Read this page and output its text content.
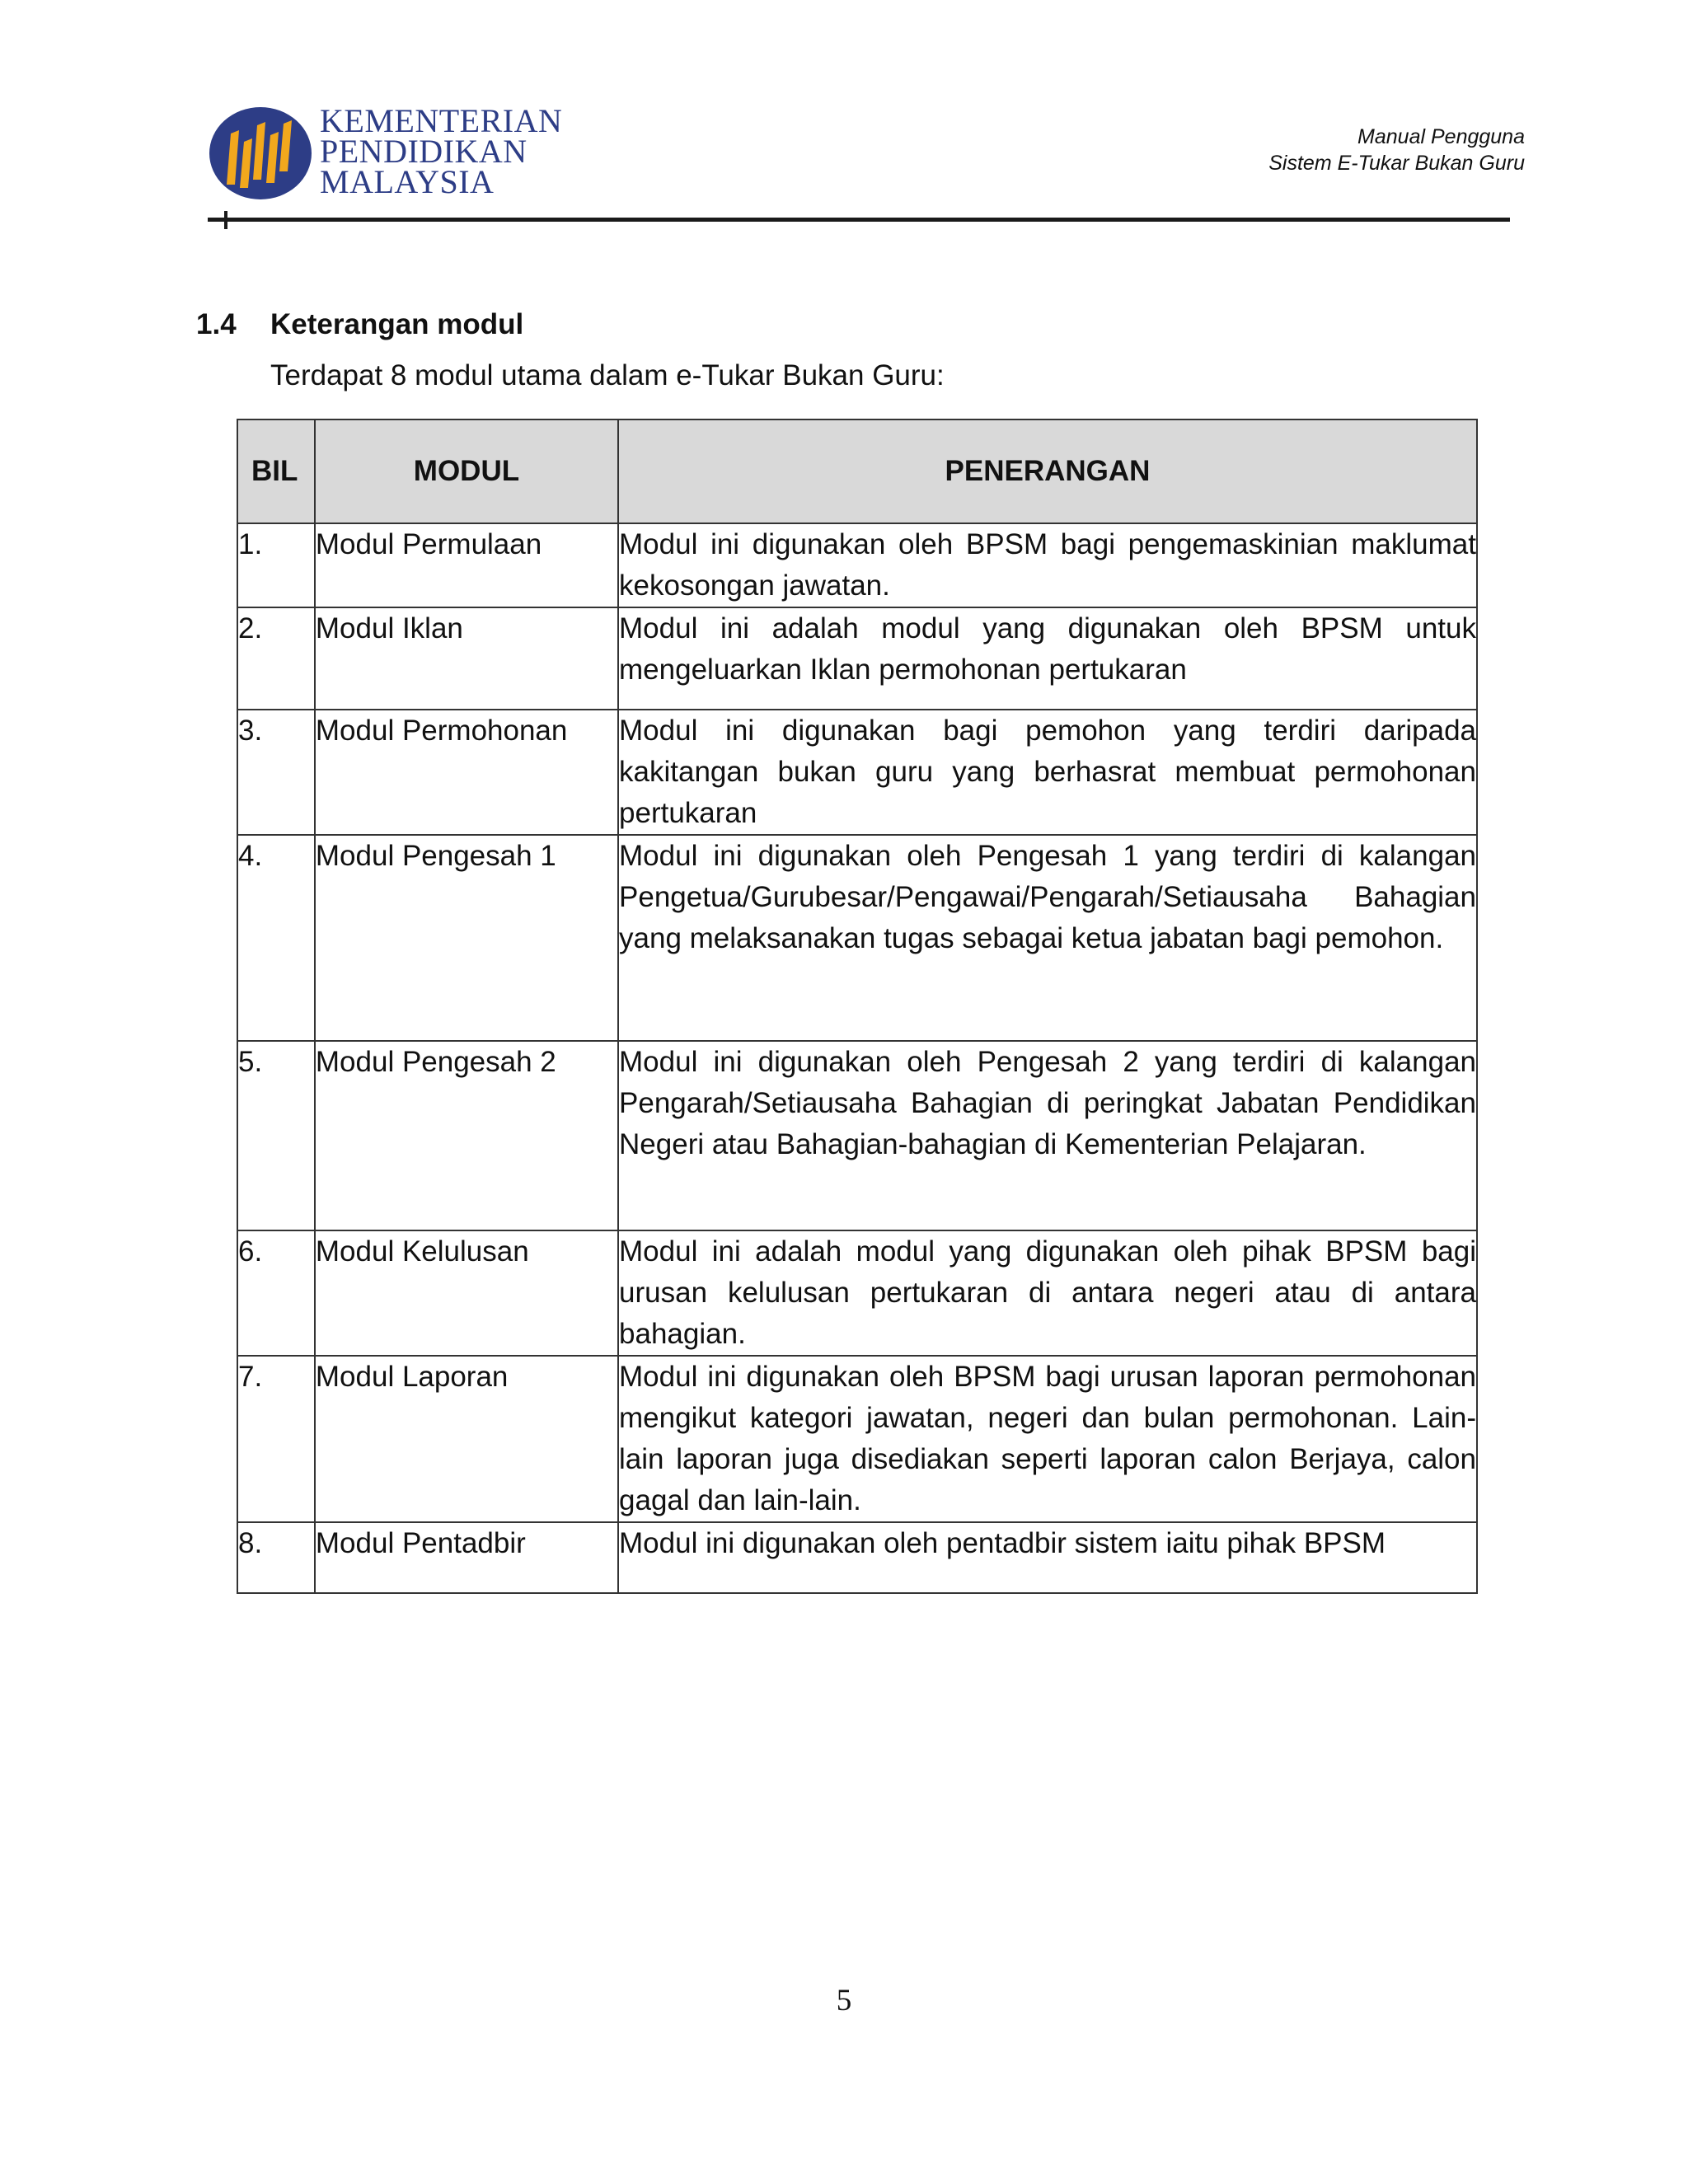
KEMENTERIAN
PENDIDIKAN
MALAYSIA
Manual Pengguna
Sistem E-Tukar Bukan Guru
1.4 Keterangan modul
Terdapat 8 modul utama dalam e-Tukar Bukan Guru:
BIL	MODUL	PENERANGAN
1.	Modul Permulaan	Modul ini digunakan oleh BPSM bagi pengemaskinian maklumat kekosongan jawatan.
2.	Modul Iklan	Modul ini adalah modul yang digunakan oleh BPSM untuk mengeluarkan Iklan permohonan pertukaran
3.	Modul Permohonan	Modul ini digunakan bagi pemohon yang terdiri daripada kakitangan bukan guru yang berhasrat membuat permohonan pertukaran
4.	Modul Pengesah 1	Modul ini digunakan oleh Pengesah 1 yang terdiri di kalangan Pengetua/Gurubesar/Pengawai/Pengarah/Setiausaha Bahagian yang melaksanakan tugas sebagai ketua jabatan bagi pemohon.
5.	Modul Pengesah 2	Modul ini digunakan oleh Pengesah 2 yang terdiri di kalangan Pengarah/Setiausaha Bahagian di peringkat Jabatan Pendidikan Negeri atau Bahagian-bahagian di Kementerian Pelajaran.
6.	Modul Kelulusan	Modul ini adalah modul yang digunakan oleh pihak BPSM bagi urusan kelulusan pertukaran di antara negeri atau di antara bahagian.
7.	Modul Laporan	Modul ini digunakan oleh BPSM bagi urusan laporan permohonan mengikut kategori jawatan, negeri dan bulan permohonan. Lain-lain laporan juga disediakan seperti laporan calon Berjaya, calon gagal dan lain-lain.
8.	Modul Pentadbir	Modul ini digunakan oleh pentadbir sistem iaitu pihak BPSM
5
